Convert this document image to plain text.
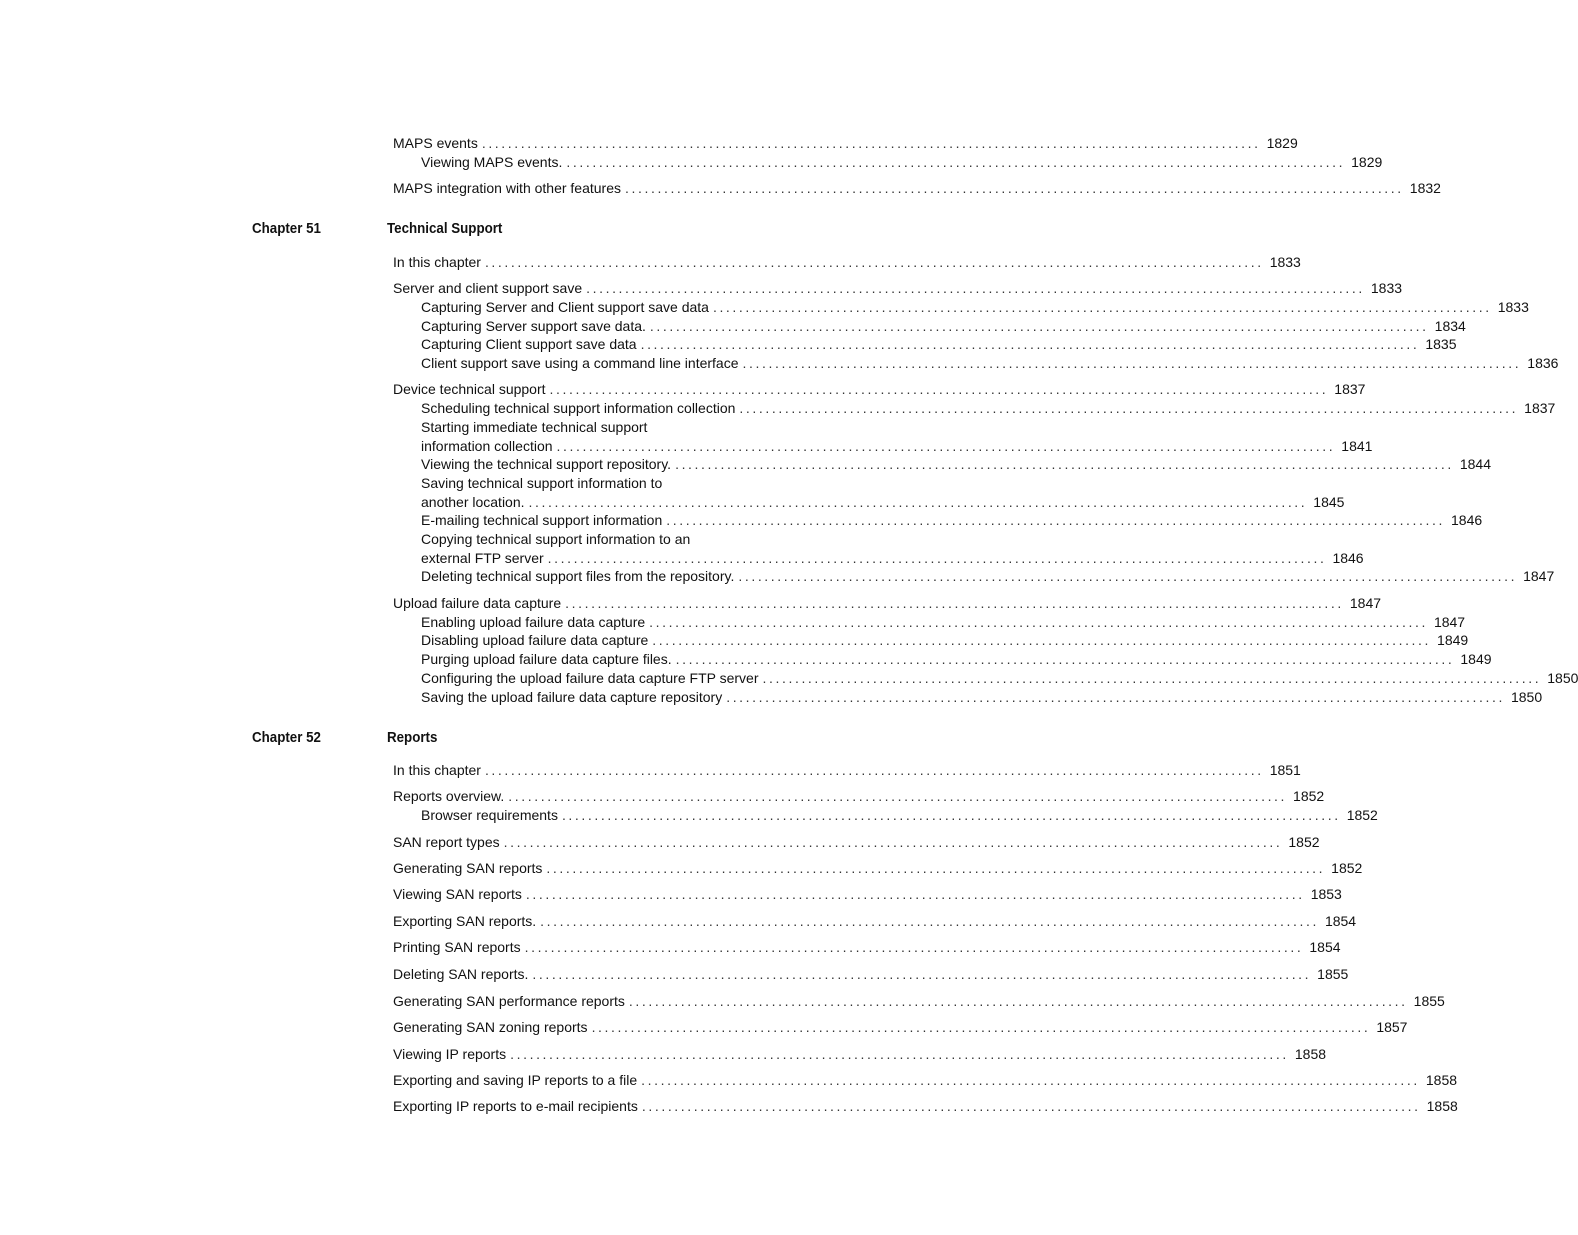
MAPS events ........................................................................................................................ 1829
Viewing MAPS events. ........................................................................................................................ 1829
MAPS integration with other features ........................................................................................................................ 1832
Chapter 51	Technical Support
In this chapter ........................................................................................................................ 1833
Server and client support save ........................................................................................................................ 1833
Capturing Server and Client support save data ........................................................................................................................ 1833
Capturing Server support save data. ........................................................................................................................ 1834
Capturing Client support save data ........................................................................................................................ 1835
Client support save using a command line interface ........................................................................................................................ 1836
Device technical support ........................................................................................................................ 1837
Scheduling technical support information collection ........................................................................................................................ 1837
Starting immediate technical support
information collection ........................................................................................................................ 1841
Viewing the technical support repository. ........................................................................................................................ 1844
Saving technical support information to
another location. ........................................................................................................................ 1845
E-mailing technical support information ........................................................................................................................ 1846
Copying technical support information to an
external FTP server ........................................................................................................................ 1846
Deleting technical support files from the repository. ........................................................................................................................ 1847
Upload failure data capture ........................................................................................................................ 1847
Enabling upload failure data capture ........................................................................................................................ 1847
Disabling upload failure data capture ........................................................................................................................ 1849
Purging upload failure data capture files. ........................................................................................................................ 1849
Configuring the upload failure data capture FTP server ........................................................................................................................ 1850
Saving the upload failure data capture repository ........................................................................................................................ 1850
Chapter 52	Reports
In this chapter ........................................................................................................................ 1851
Reports overview. ........................................................................................................................ 1852
Browser requirements ........................................................................................................................ 1852
SAN report types ........................................................................................................................ 1852
Generating SAN reports ........................................................................................................................ 1852
Viewing SAN reports ........................................................................................................................ 1853
Exporting SAN reports. ........................................................................................................................ 1854
Printing SAN reports ........................................................................................................................ 1854
Deleting SAN reports. ........................................................................................................................ 1855
Generating SAN performance reports ........................................................................................................................ 1855
Generating SAN zoning reports ........................................................................................................................ 1857
Viewing IP reports ........................................................................................................................ 1858
Exporting and saving IP reports to a file ........................................................................................................................ 1858
Exporting IP reports to e-mail recipients ........................................................................................................................ 1858
